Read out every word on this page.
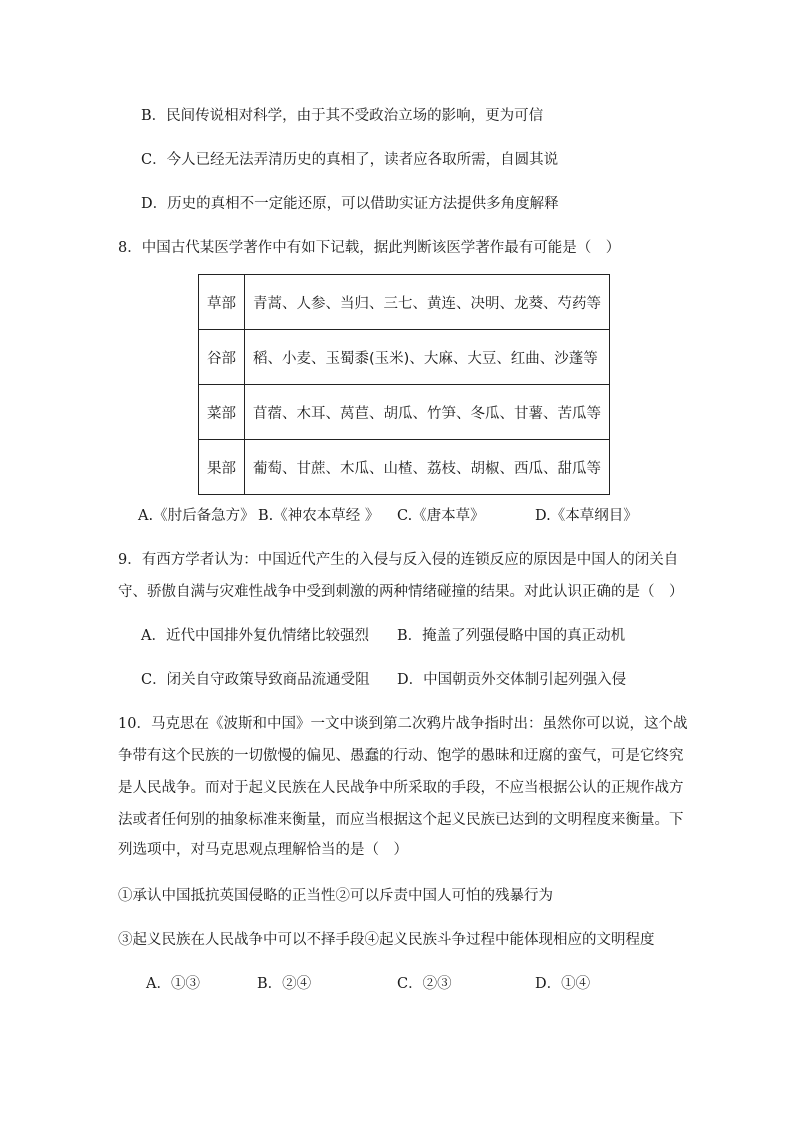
B．民间传说相对科学，由于其不受政治立场的影响，更为可信
C．今人已经无法弄清历史的真相了，读者应各取所需，自圆其说
D．历史的真相不一定能还原，可以借助实证方法提供多角度解释
8．中国古代某医学著作中有如下记载，据此判断该医学著作最有可能是（　）
草部	青蒿、人参、当归、三七、黄连、决明、龙葵、芍药等
谷部	稻、小麦、玉蜀黍(玉米)、大麻、大豆、红曲、沙蓬等
菜部	苜蓿、木耳、莴苣、胡瓜、竹笋、冬瓜、甘薯、苦瓜等
果部	葡萄、甘蔗、木瓜、山楂、荔枝、胡椒、西瓜、甜瓜等
A.《肘后备急方》 B.《神农本草经 》 C.《唐本草》	D.《本草纲目》
9．有西方学者认为：中国近代产生的入侵与反入侵的连锁反应的原因是中国人的闭关自
守、骄傲自满与灾难性战争中受到刺激的两种情绪碰撞的结果。对此认识正确的是（　）
A．近代中国排外复仇情绪比较强烈 B．掩盖了列强侵略中国的真正动机
C．闭关自守政策导致商品流通受阻 D．中国朝贡外交体制引起列强入侵
10．马克思在《波斯和中国》一文中谈到第二次鸦片战争指时出：虽然你可以说，这个战
争带有这个民族的一切傲慢的偏见、愚蠢的行动、饱学的愚昧和迂腐的蛮气，可是它终究
是人民战争。而对于起义民族在人民战争中所采取的手段，不应当根据公认的正规作战方
法或者任何别的抽象标准来衡量，而应当根据这个起义民族已达到的文明程度来衡量。下
列选项中，对马克思观点理解恰当的是（　）
①承认中国抵抗英国侵略的正当性②可以斥责中国人可怕的残暴行为
③起义民族在人民战争中可以不择手段④起义民族斗争过程中能体现相应的文明程度
A．①③	B．②④	C．②③	D．①④
